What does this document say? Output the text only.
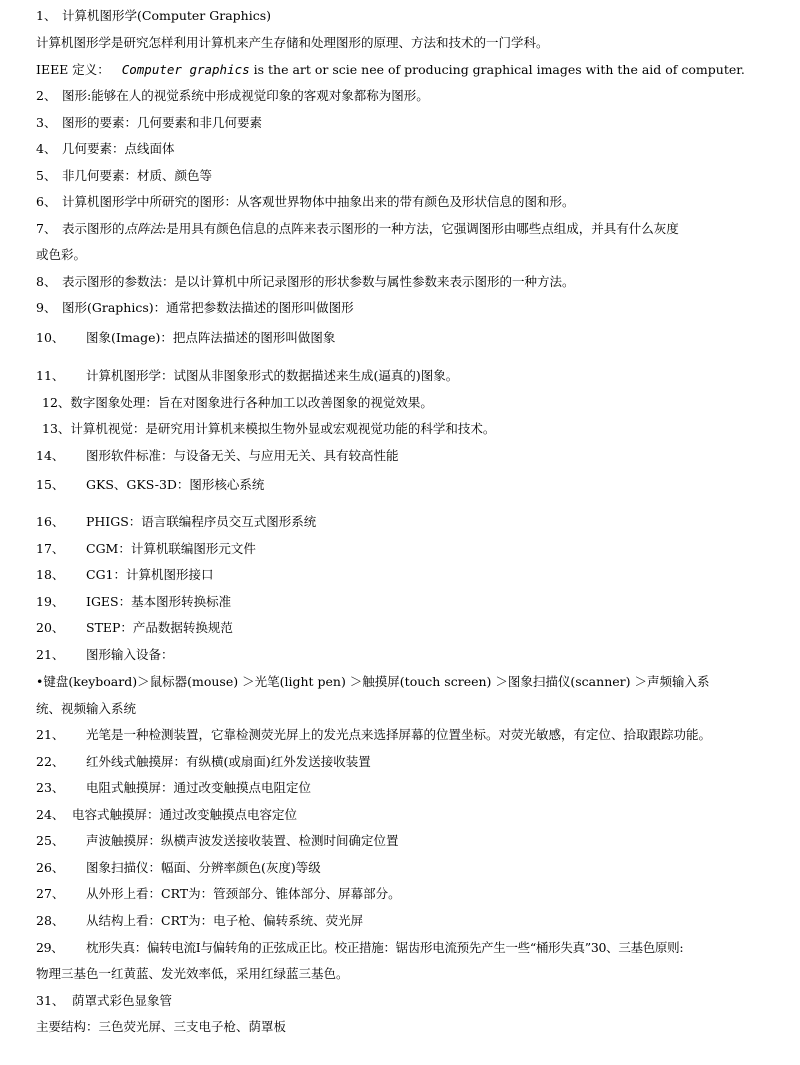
1、 计算机图形学(Computer Graphics)
计算机图形学是研究怎样利用计算机来产生存储和处理图形的原理、方法和技术的一门学科。
IEEE 定义： Computer graphics is the art or scie nee of producing graphical images with the aid of computer.
2、 图形:能够在人的视觉系统中形成视觉印象的客观对象都称为图形。
3、 图形的要素：几何要素和非几何要素
4、 几何要素：点线面体
5、 非几何要素：材质、颜色等
6、 计算机图形学中所研究的图形：从客观世界物体中抽象出来的带有颜色及形状信息的图和形。
7、 表示图形的点阵法:是用具有颜色信息的点阵来表示图形的一种方法，它强调图形由哪些点组成，并具有什么灰度
或色彩。
8、 表示图形的参数法：是以计算机中所记录图形的形状参数与属性参数来表示图形的一种方法。
9、 图形(Graphics)：通常把参数法描述的图形叫做图形
10、 图象(Image)：把点阵法描述的图形叫做图象
11、 计算机图形学：试图从非图象形式的数据描述来生成(逼真的)图象。
12、数字图象处理：旨在对图象进行各种加工以改善图象的视觉效果。
13、计算机视觉：是研究用计算机来模拟生物外显或宏观视觉功能的科学和技术。
14、 图形软件标准：与设备无关、与应用无关、具有较高性能
15、 GKS、GKS-3D：图形核心系统
16、 PHIGS：语言联编程序员交互式图形系统
17、 CGM：计算机联编图形元文件
18、 CG1：计算机图形接口
19、 IGES：基本图形转换标准
20、 STEP：产品数据转换规范
21、 图形输入设备：
•键盘(keyboard)＞鼠标器(mouse) ＞光笔(light pen) ＞触摸屏(touch screen) ＞图象扫描仪(scanner) ＞声频输入系
统、视频输入系统
21、 光笔是一种检测装置，它靠检测荧光屏上的发光点来选择屏幕的位置坐标。对荧光敏感，有定位、拾取跟踪功能。
22、 红外线式触摸屏：有纵横(或扇面)红外发送接收装置
23、 电阻式触摸屏：通过改变触摸点电阻定位
24、 电容式触摸屏：通过改变触摸点电容定位
25、 声波触摸屏：纵横声波发送接收装置、检测时间确定位置
26、 图象扫描仪：幅面、分辨率颜色(灰度)等级
27、 从外形上看：CRT为：管颈部分、锥体部分、屏幕部分。
28、 从结构上看：CRT为：电子枪、偏转系统、荧光屏
29、 枕形失真：偏转电流I与偏转角的正弦成正比。校正措施：锯齿形电流预先产生一些“桶形失真”30、三基色原则:
物理三基色一红黄蓝、发光效率低，采用红绿蓝三基色。
31、 荫罩式彩色显象管
主要结构：三色荧光屏、三支电子枪、荫罩板
